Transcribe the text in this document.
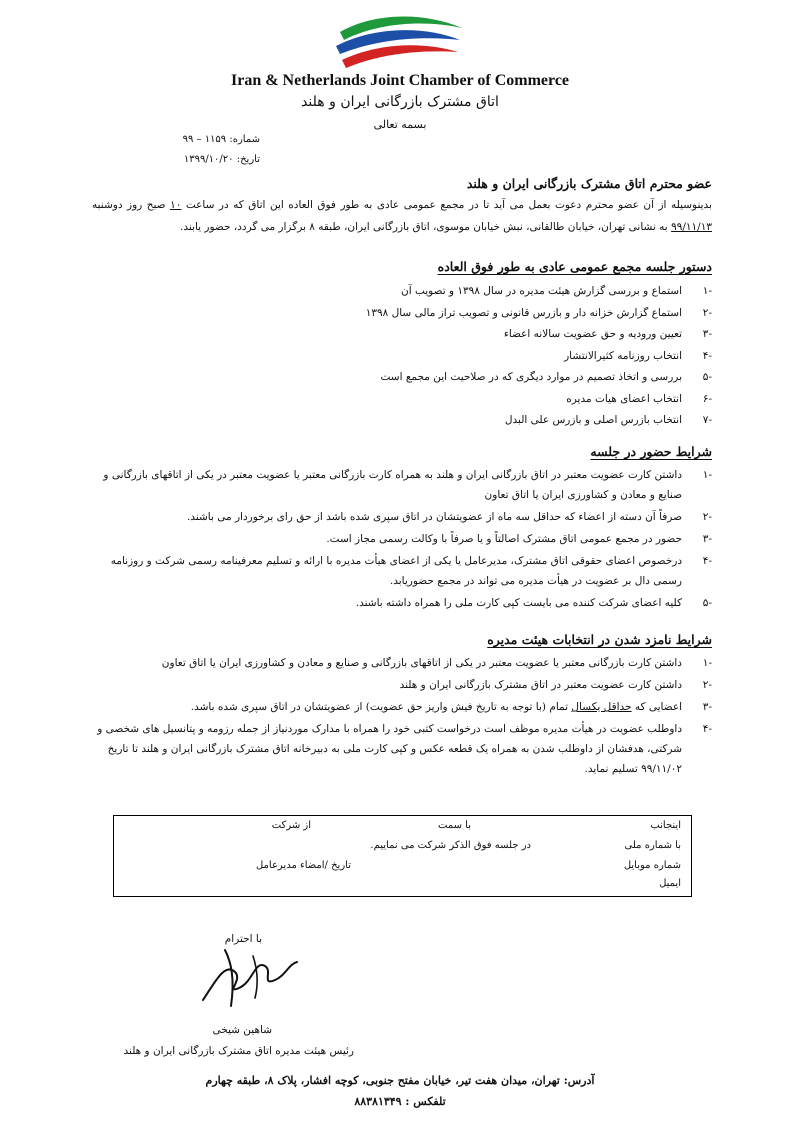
Iran & Netherlands Joint Chamber of Commerce
اتاق مشترک بازرگانی ایران و هلند
بسمه تعالی
شماره: ۱۱۵۹ – ۹۹
تاریخ: ۱۳۹۹/۱۰/۲۰
عضو محترم اتاق مشترک بازرگانی ایران و هلند
بدینوسیله از آن عضو محترم دعوت بعمل می آید تا در مجمع عمومی عادی به طور فوق العاده این اتاق که در ساعت ۱۰ صبح روز دوشنبه ۹۹/۱۱/۱۳ به نشانی تهران، خیابان طالقانی، نبش خیابان موسوی، اتاق بازرگانی ایران، طبقه ۸ برگزار می گردد، حضور یابند.
دستور جلسه مجمع عمومی عادی به طور فوق العاده
-۱
استماع و بررسی گزارش هیئت مدیره در سال ۱۳۹۸ و تصویب آن
-۲
استماع گزارش خزانه دار و بازرس قانونی و تصویب تراز مالی سال ۱۳۹۸
-۳
تعیین ورودیه و حق عضویت سالانه اعضاء
-۴
انتخاب روزنامه کثیرالانتشار
-۵
بررسی و اتخاذ تصمیم در موارد دیگری که در صلاحیت این مجمع است
-۶
انتخاب اعضای هیات مدیره
-۷
انتخاب بازرس اصلی و بازرس علی البدل
شرایط حضور در جلسه
-۱
داشتن کارت عضویت معتبر در اتاق بازرگانی ایران و هلند به همراه کارت بازرگانی معتبر یا عضویت معتبر در یکی از اتاقهای بازرگانی و صنایع و معادن و کشاورزی ایران یا اتاق تعاون
-۲
صرفاً آن دسته از اعضاء که حداقل سه ماه از عضویتشان در اتاق سپری شده باشد از حق رای برخوردار می باشند.
-۳
حضور در مجمع عمومی اتاق مشترک اصالتاً و یا صرفاً با وکالت رسمی مجاز است.
-۴
درخصوص اعضای حقوقی اتاق مشترک، مدیرعامل یا یکی از اعضای هیأت مدیره با ارائه و تسلیم معرفینامه رسمی شرکت و روزنامه رسمی دال بر عضویت در هیأت مدیره می تواند در مجمع حضوریابد.
-۵
کلیه اعضای شرکت کننده می بایست کپی کارت ملی را همراه داشته باشند.
شرایط نامزد شدن در انتخابات هیئت مدیره
-۱
داشتن کارت بازرگانی معتبر یا عضویت معتبر در یکی از اتاقهای بازرگانی و صنایع و معادن و کشاورزی ایران یا اتاق تعاون
-۲
داشتن کارت عضویت معتبر در اتاق مشترک بازرگانی ایران و هلند
-۳
اعضایی که حداقل یکسال تمام (با توجه به تاریخ فیش واریز حق عضویت) از عضویتشان در اتاق سپری شده باشد.
-۴
داوطلب عضویت در هیأت مدیره موظف است درخواست کتبی خود را همراه با مدارک موردنیاز از جمله رزومه و پتانسیل های شخصی و شرکتی، هدفشان از داوطلب شدن به همراه یک قطعه عکس و کپی کارت ملی به دبیرخانه اتاق مشترک بازرگانی ایران و هلند تا تاریخ ۹۹/۱۱/۰۲ تسلیم نماید.
اینجانب
با سمت
از شرکت
با شماره ملی
در جلسه فوق الذکر شرکت می نماییم.
شماره موبایل
تاریخ /امضاء مدیرعامل
ایمیل
با احترام
شاهین شیخی
رئیس هیئت مدیره اتاق مشترک بازرگانی ایران و هلند
آدرس: تهران، میدان هفت تیر، خیابان مفتح جنوبی، کوچه افشار، پلاک ۸، طبقه چهارم
تلفکس : ۸۸۳۸۱۳۴۹
